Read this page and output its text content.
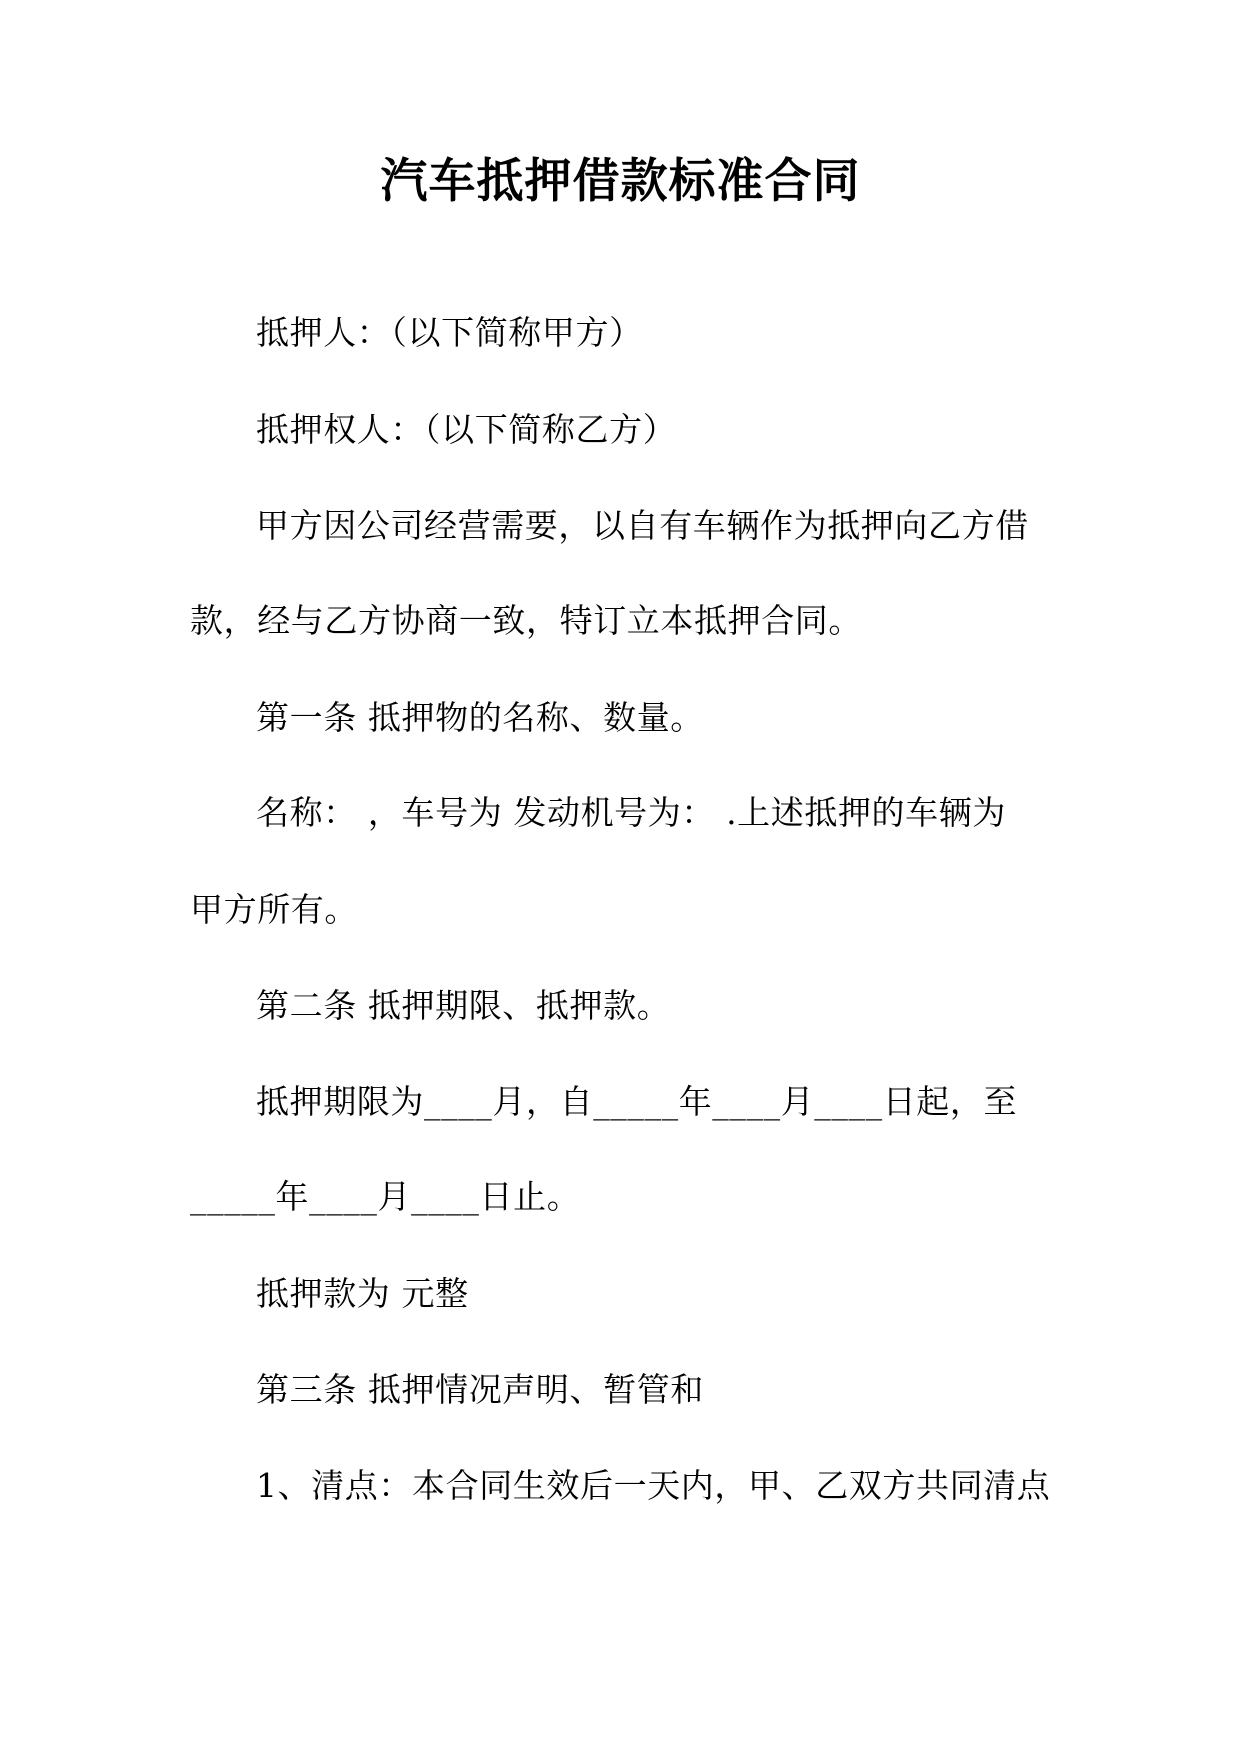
汽车抵押借款标准合同

抵押人：（以下简称甲方）

抵押权人：（以下简称乙方）

甲方因公司经营需要，以自有车辆作为抵押向乙方借

款，经与乙方协商一致，特订立本抵押合同。

第一条 抵押物的名称、数量。

名称： ，车号为 发动机号为： .上述抵押的车辆为

甲方所有。

第二条 抵押期限、抵押款。

抵押期限为____月，自_____年____月____日起，至

_____年____月____日止。

抵押款为 元整

第三条 抵押情况声明、暂管和

1、清点：本合同生效后一天内，甲、乙双方共同清点
